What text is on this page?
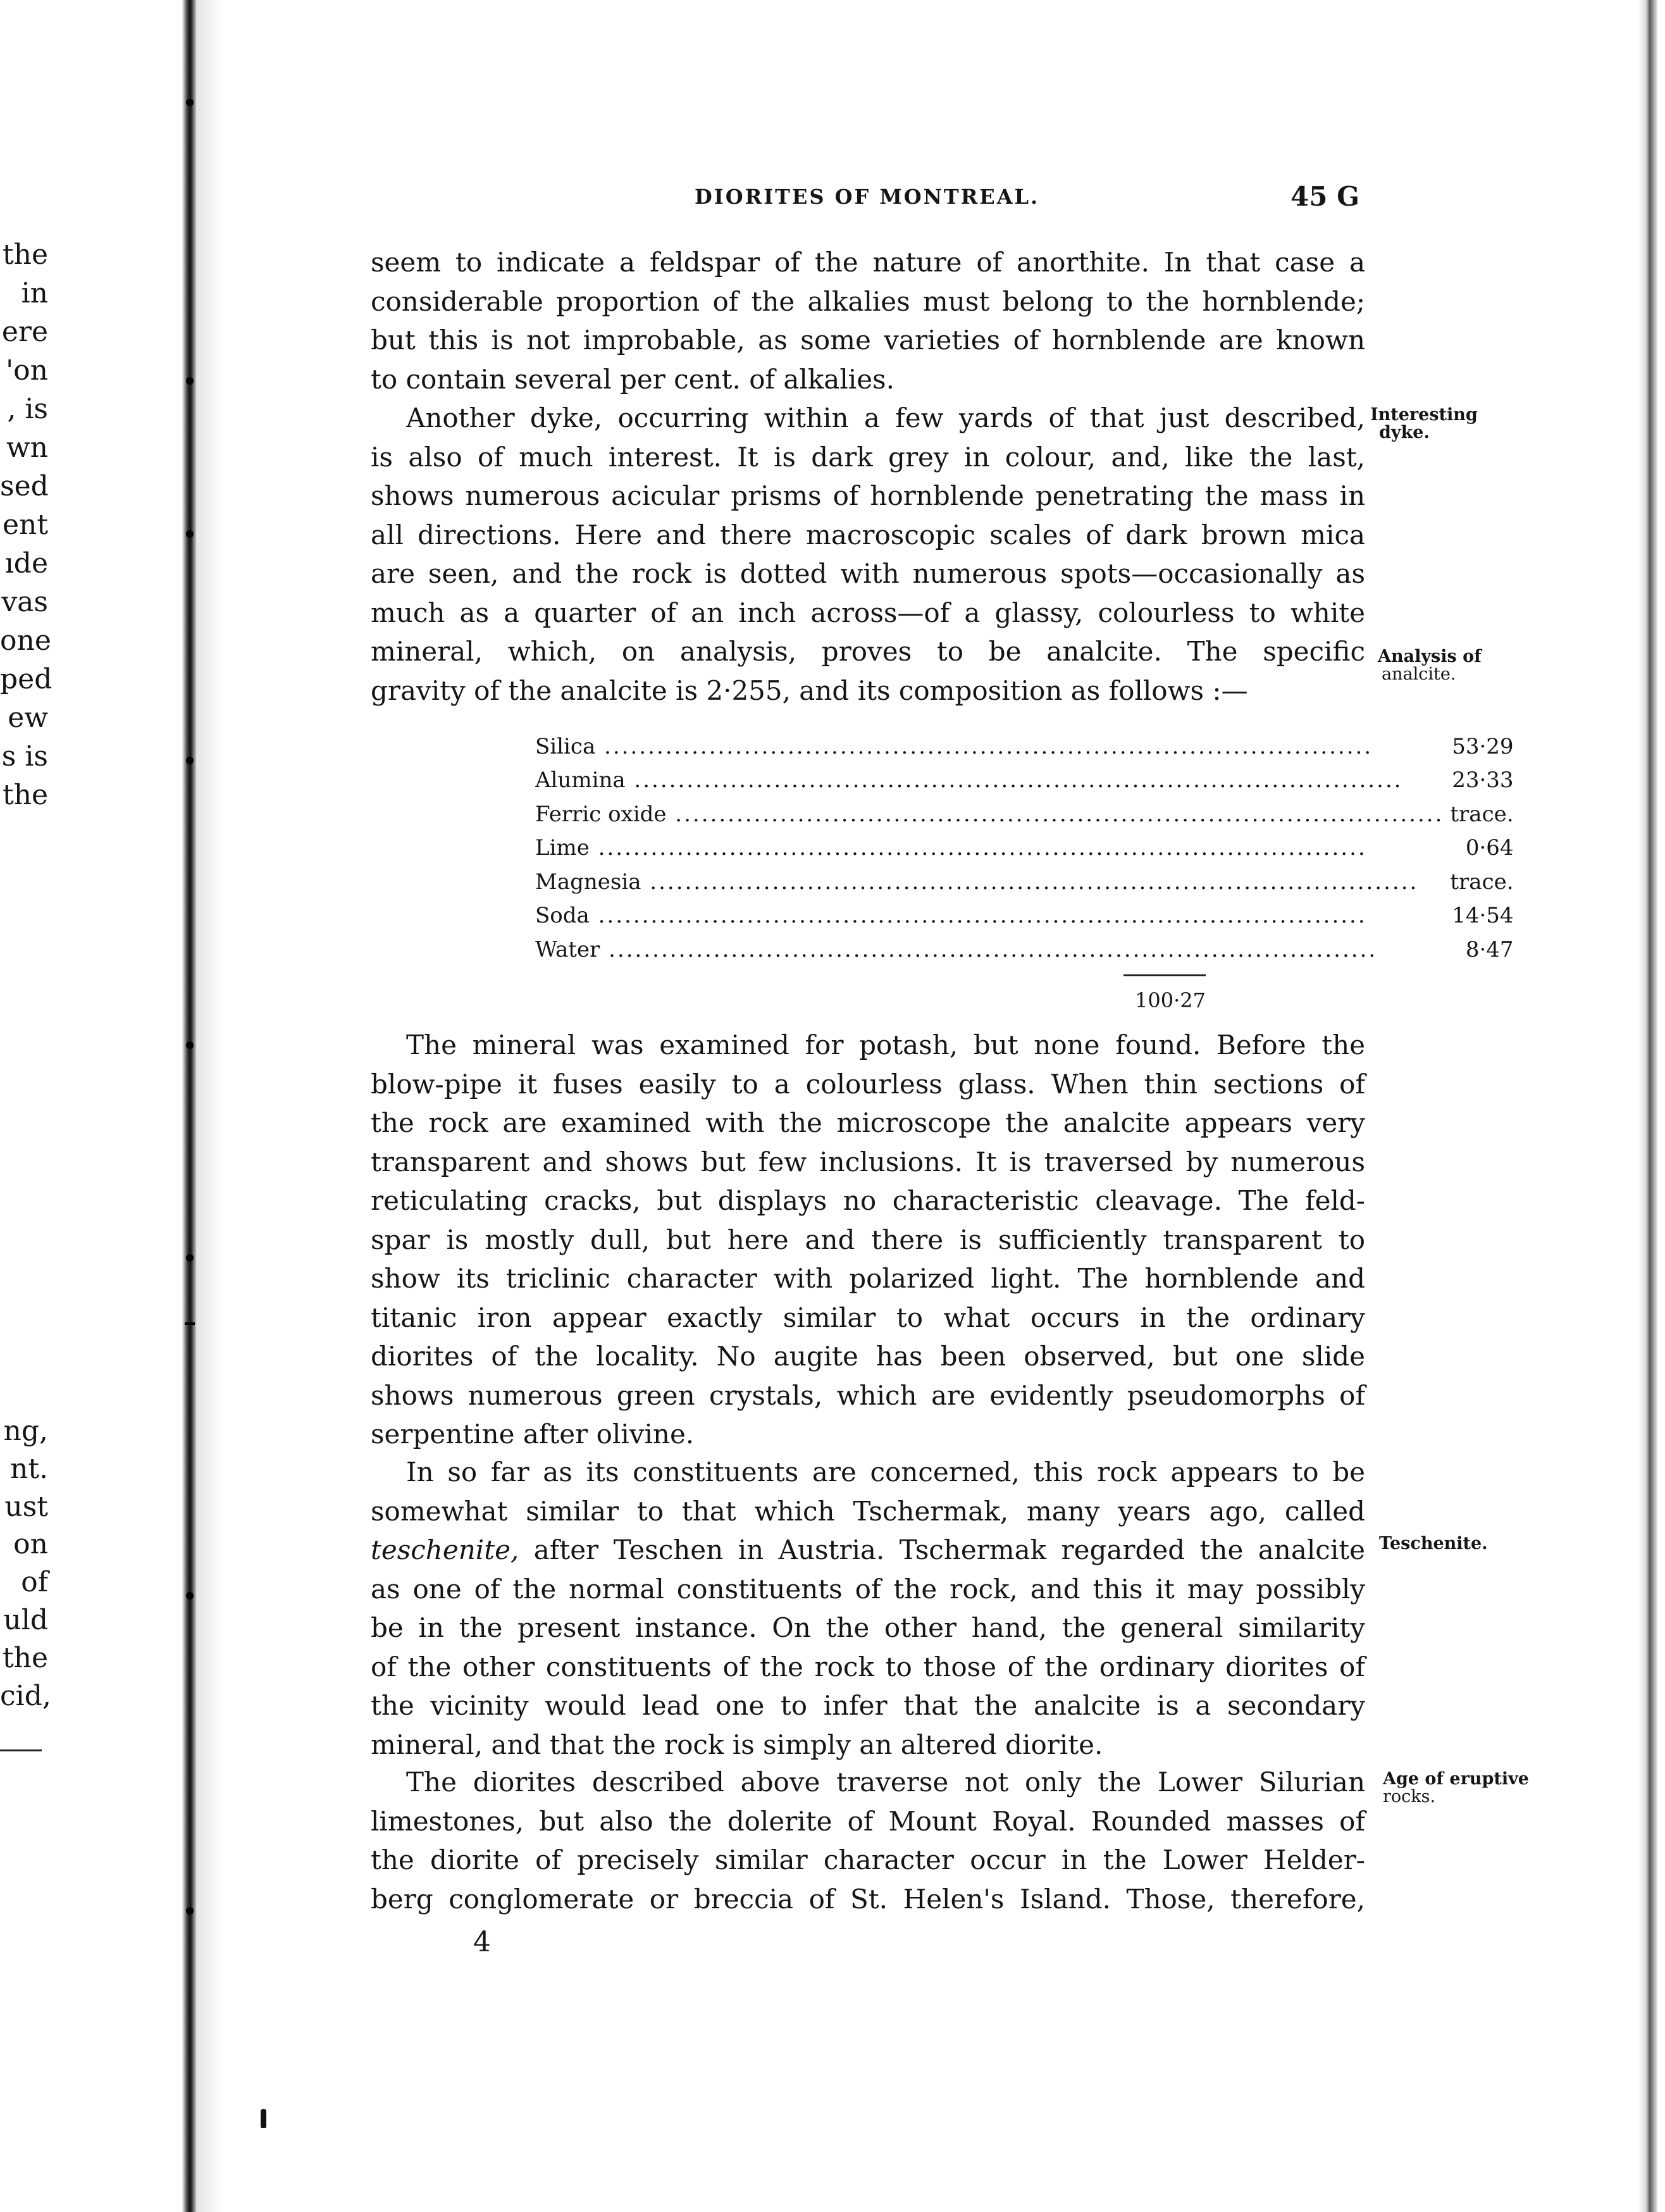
the
in
ere
'on
, is
wn
sed
ent
ıde
vas
one
ped
ew
s is
the
ng,
nt.
ust
on
of
uld
the
cid,
DIORITES OF MONTREAL.	45 G
seem to indicate a feldspar of the nature of anorthite. In that case a
considerable proportion of the alkalies must belong to the hornblende;
but this is not improbable, as some varieties of hornblende are known
to contain several per cent. of alkalies.
Another dyke, occurring within a few yards of that just described,
is also of much interest. It is dark grey in colour, and, like the last,
shows numerous acicular prisms of hornblende penetrating the mass in
all directions. Here and there macroscopic scales of dark brown mica
are seen, and the rock is dotted with numerous spots—occasionally as
much as a quarter of an inch across—of a glassy, colourless to white
mineral, which, on analysis, proves to be analcite. The specific
gravity of the analcite is 2·255, and its composition as follows :—
Silica .....	53·29
Alumina .....	23·33
Ferric oxide .....	trace.
Lime .....	0·64
Magnesia .....	trace.
Soda .....	14·54
Water .....	8·47
100·27
The mineral was examined for potash, but none found. Before the
blow-pipe it fuses easily to a colourless glass. When thin sections of
the rock are examined with the microscope the analcite appears very
transparent and shows but few inclusions. It is traversed by numerous
reticulating cracks, but displays no characteristic cleavage. The feld-
spar is mostly dull, but here and there is sufficiently transparent to
show its triclinic character with polarized light. The hornblende and
titanic iron appear exactly similar to what occurs in the ordinary
diorites of the locality. No augite has been observed, but one slide
shows numerous green crystals, which are evidently pseudomorphs of
serpentine after olivine.
In so far as its constituents are concerned, this rock appears to be
somewhat similar to that which Tschermak, many years ago, called
teschenite, after Teschen in Austria. Tschermak regarded the analcite
as one of the normal constituents of the rock, and this it may possibly
be in the present instance. On the other hand, the general similarity
of the other constituents of the rock to those of the ordinary diorites of
the vicinity would lead one to infer that the analcite is a secondary
mineral, and that the rock is simply an altered diorite.
The diorites described above traverse not only the Lower Silurian
limestones, but also the dolerite of Mount Royal. Rounded masses of
the diorite of precisely similar character occur in the Lower Helder-
berg conglomerate or breccia of St. Helen's Island. Those, therefore,
Interesting
dyke.
Analysis of
analcite.
Teschenite.
Age of eruptive
rocks.
4
